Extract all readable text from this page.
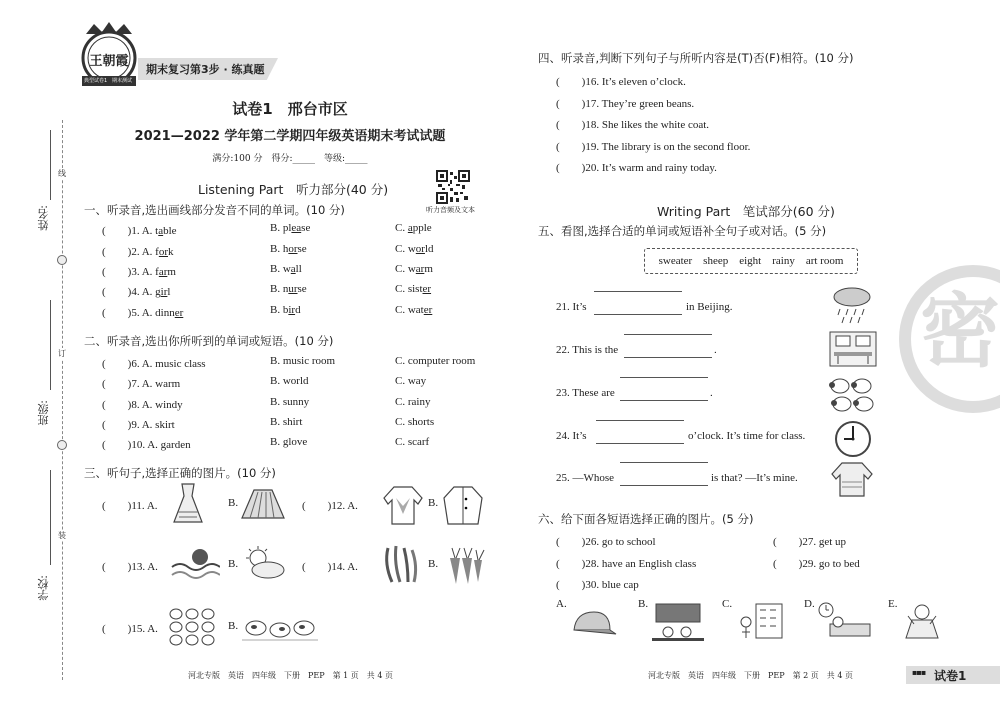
姓名:
班级:
学校:
线
订
装
王朝霞
典型试卷1 期末测试
期末复习第3步 · 练真题
试卷1　邢台市区
2021—2022 学年第二学期四年级英语期末考试试题
满分:100 分　得分:_____　等级:_____
听力音频及文本
Listening Part　听力部分(40 分)
一、听录音,选出画线部分发音不同的单词。(10 分)
(　　)1. A. table	B. please	C. apple
(　　)2. A. fork	B. horse	C. world
(　　)3. A. farm	B. wall	C. warm
(　　)4. A. girl	B. nurse	C. sister
(　　)5. A. dinner	B. bird	C. water
二、听录音,选出你所听到的单词或短语。(10 分)
(　　)6. A. music class	B. music room	C. computer room
(　　)7. A. warm	B. world	C. way
(　　)8. A. windy	B. sunny	C. rainy
(　　)9. A. skirt	B. shirt	C. shorts
(　　)10. A. garden	B. glove	C. scarf
三、听句子,选择正确的图片。(10 分)
(　　)11. A.	B.	(　　)12. A.	B.
(　　)13. A.	B.	(　　)14. A.	B.
(　　)15. A.	B.
河北专版　英语　四年级　下册　PEP　第 1 页　共 4 页
四、听录音,判断下列句子与所听内容是(T)否(F)相符。(10 分)
(　　)16. It’s eleven o’clock.
(　　)17. They’re green beans.
(　　)18. She likes the white coat.
(　　)19. The library is on the second floor.
(　　)20. It’s warm and rainy today.
Writing Part　笔试部分(60 分)
五、看图,选择合适的单词或短语补全句子或对话。(5 分)
sweater　sheep　eight　rainy　art room
21. It’s	in Beijing.
22. This is the	.
23. These are	.
24. It’s	o’clock. It’s time for class.
25. —Whose	is that? —It’s mine.
六、给下面各短语选择正确的图片。(5 分)
(　　)26. go to school	(　　)27. get up
(　　)28. have an English class	(　　)29. go to bed
(　　)30. blue cap
A.	B.	C.	D.	E.
密
河北专版　英语　四年级　下册　PEP　第 2 页　共 4 页	▪▪▪ 试卷1
